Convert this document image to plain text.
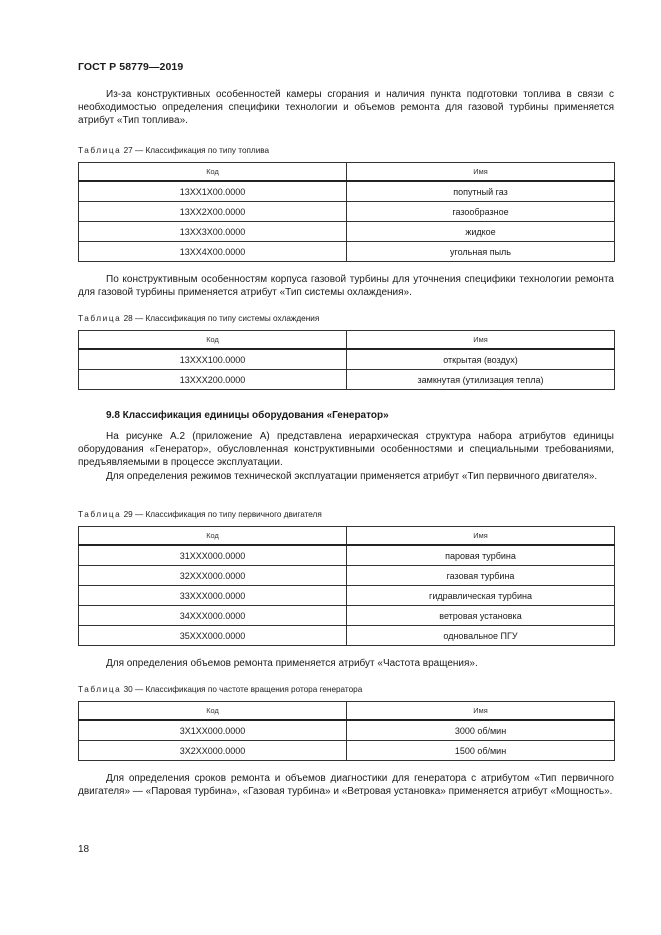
ГОСТ Р 58779—2019

Из-за конструктивных особенностей камеры сгорания и наличия пункта подготовки топлива в связи с необходимостью определения специфики технологии и объемов ремонта для газовой турбины применяется атрибут «Тип топлива».

Таблица 27 — Классификация по типу топлива
Код	Имя
13XX1X00.0000	попутный газ
13XX2X00.0000	газообразное
13XX3X00.0000	жидкое
13XX4X00.0000	угольная пыль

По конструктивным особенностям корпуса газовой турбины для уточнения специфики технологии ремонта для газовой турбины применяется атрибут «Тип системы охлаждения».

Таблица 28 — Классификация по типу системы охлаждения
Код	Имя
13XXX100.0000	открытая (воздух)
13XXX200.0000	замкнутая (утилизация тепла)
9.8 Классификация единицы оборудования «Генератор»

На рисунке А.2 (приложение А) представлена иерархическая структура набора атрибутов единицы оборудования «Генератор», обусловленная конструктивными особенностями и специальными требованиями, предъявляемыми в процессе эксплуатации.

Для определения режимов технической эксплуатации применяется атрибут «Тип первичного двигателя».

Таблица 29 — Классификация по типу первичного двигателя
Код	Имя
31XXX000.0000	паровая турбина
32XXX000.0000	газовая турбина
33XXX000.0000	гидравлическая турбина
34XXX000.0000	ветровая установка
35XXX000.0000	одновальное ПГУ

Для определения объемов ремонта применяется атрибут «Частота вращения».

Таблица 30 — Классификация по частоте вращения ротора генератора
Код	Имя
3X1XX000.0000	3000 об/мин
3X2XX000.0000	1500 об/мин

Для определения сроков ремонта и объемов диагностики для генератора с атрибутом «Тип первичного двигателя» — «Паровая турбина», «Газовая турбина» и «Ветровая установка» применяется атрибут «Мощность».

18
